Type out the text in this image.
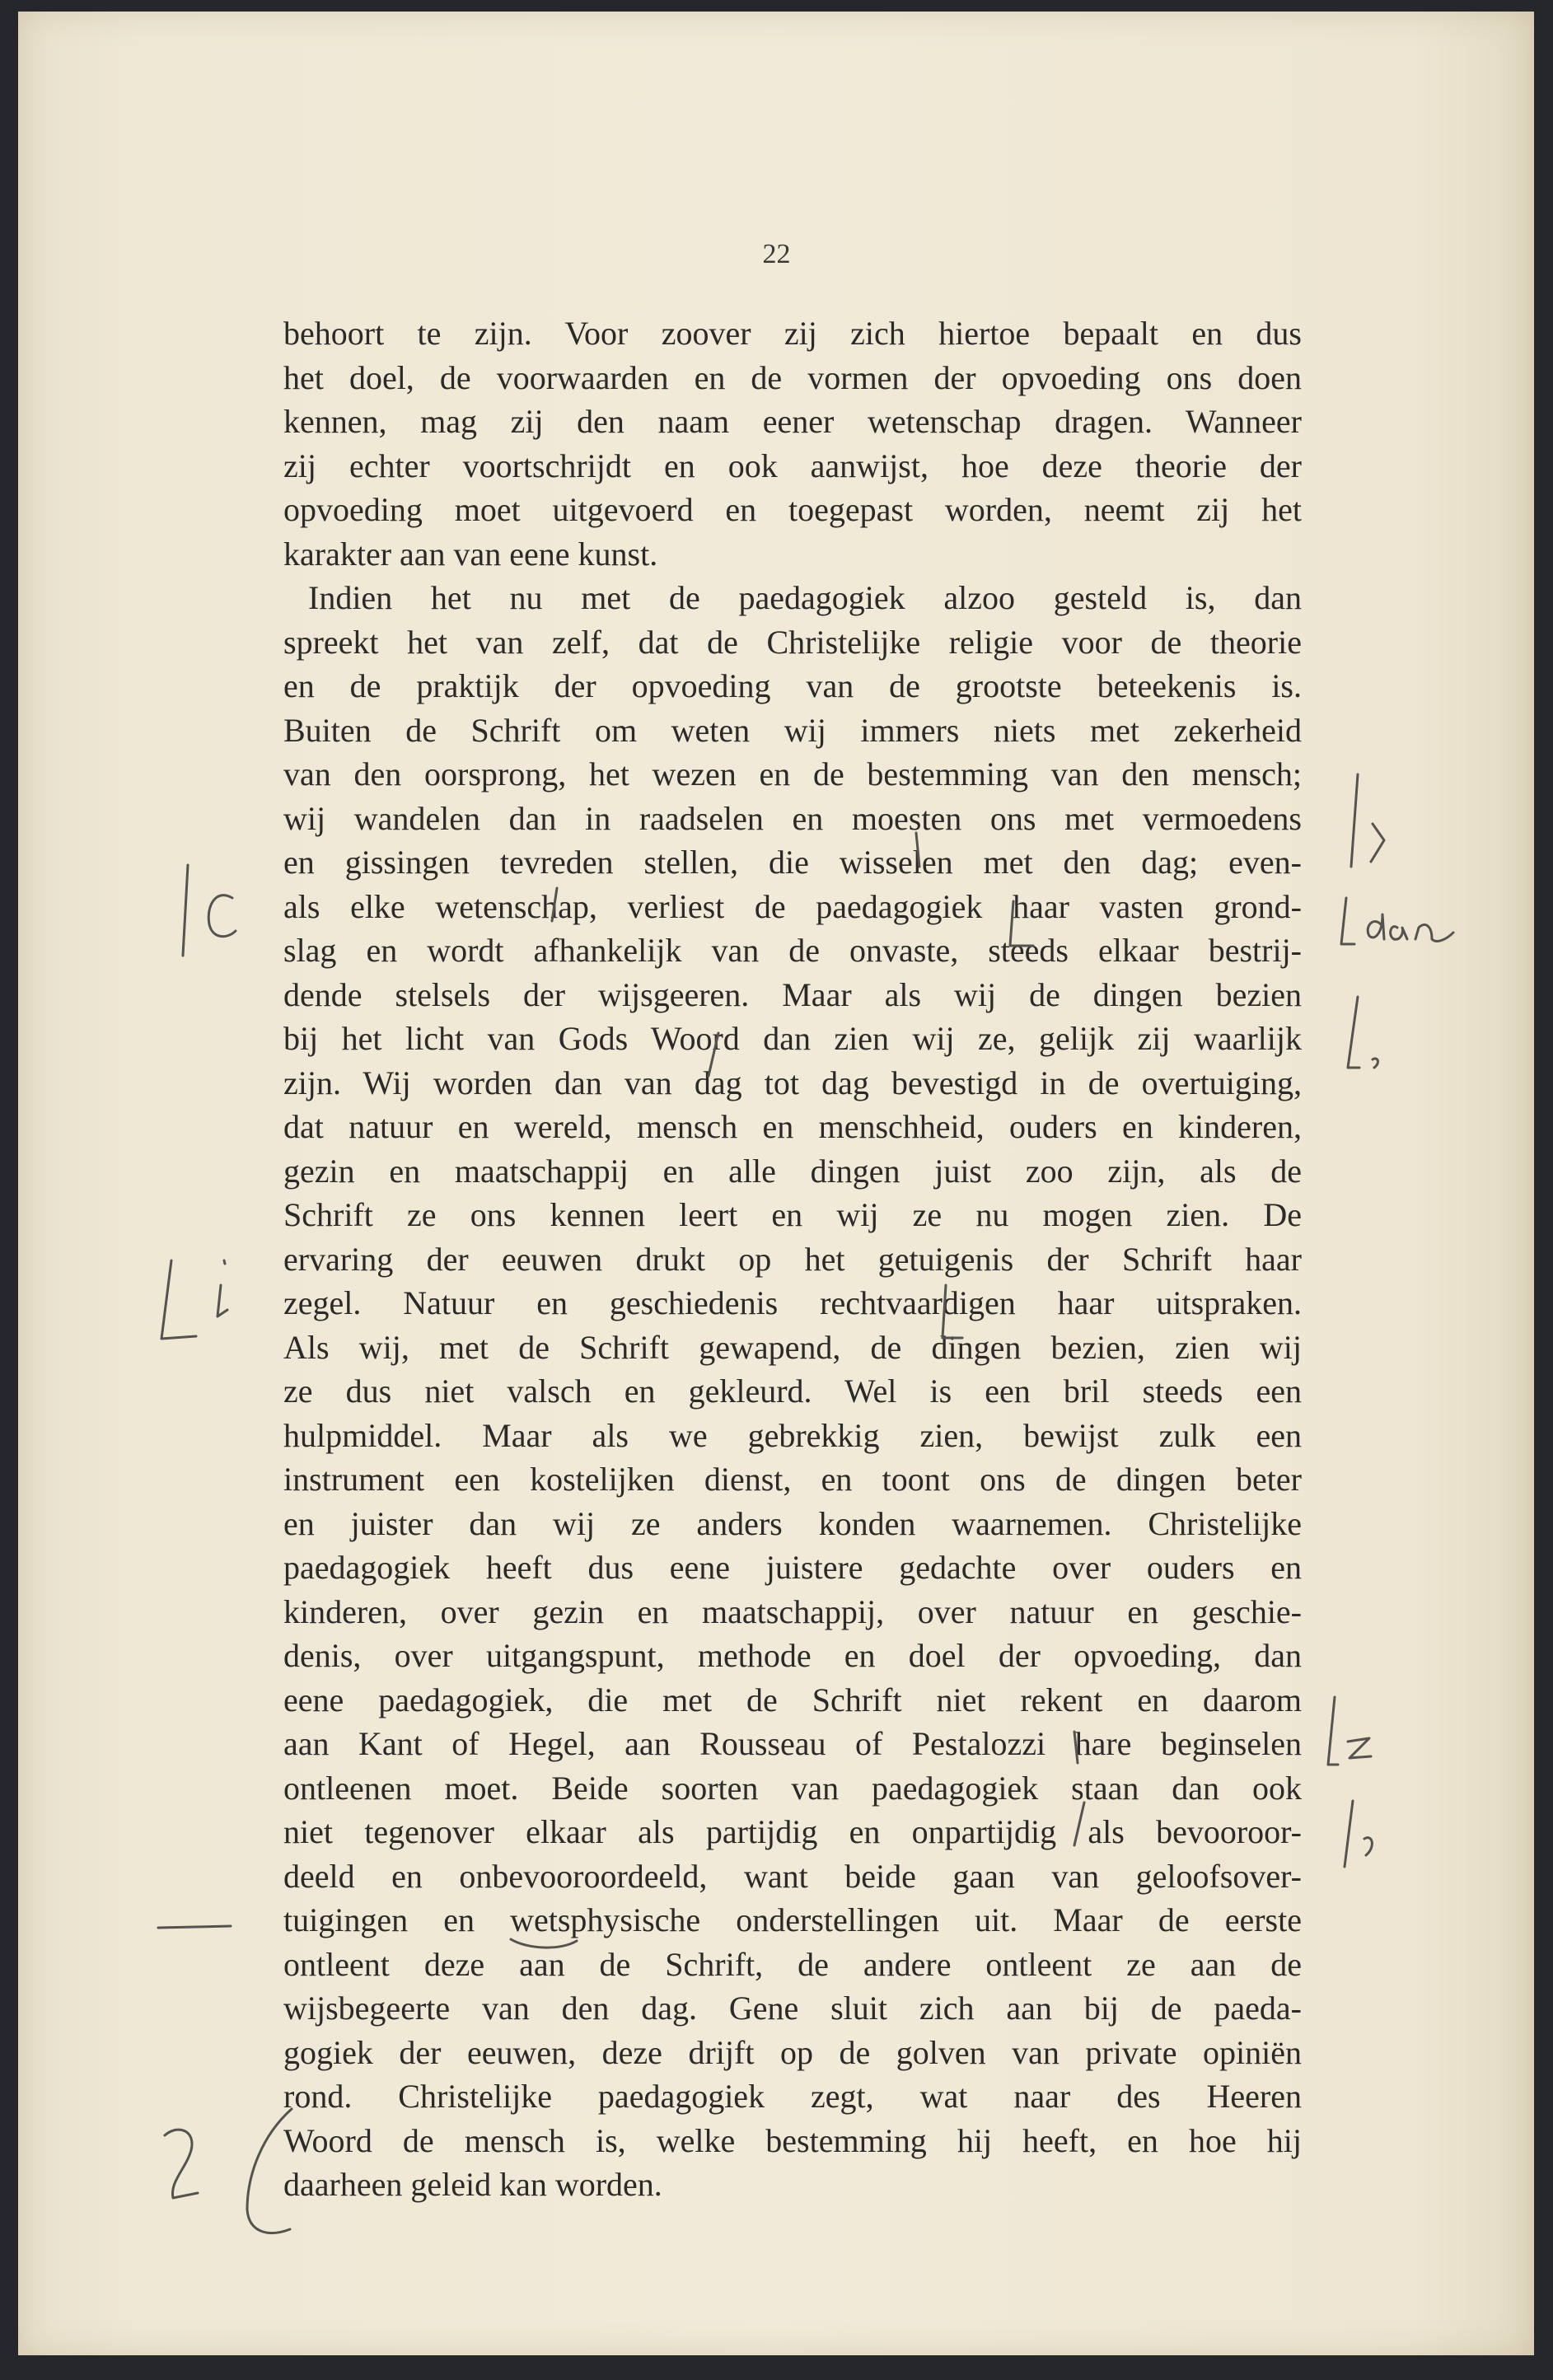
22
behoort te zijn. Voor zoover zij zich hiertoe bepaalt en dus
het doel, de voorwaarden en de vormen der opvoeding ons doen
kennen, mag zij den naam eener wetenschap dragen. Wanneer
zij echter voortschrijdt en ook aanwijst, hoe deze theorie der
opvoeding moet uitgevoerd en toegepast worden, neemt zij het
karakter aan van eene kunst.
Indien het nu met de paedagogiek alzoo gesteld is, dan
spreekt het van zelf, dat de Christelijke religie voor de theorie
en de praktijk der opvoeding van de grootste beteekenis is.
Buiten de Schrift om weten wij immers niets met zekerheid
van den oorsprong, het wezen en de bestemming van den mensch;
wij wandelen dan in raadselen en moesten ons met vermoedens
en gissingen tevreden stellen, die wisselen met den dag; even-
als elke wetenschap, verliest de paedagogiek haar vasten grond-
slag en wordt afhankelijk van de onvaste, steeds elkaar bestrij-
dende stelsels der wijsgeeren. Maar als wij de dingen bezien
bij het licht van Gods Woord dan zien wij ze, gelijk zij waarlijk
zijn. Wij worden dan van dag tot dag bevestigd in de overtuiging,
dat natuur en wereld, mensch en menschheid, ouders en kinderen,
gezin en maatschappij en alle dingen juist zoo zijn, als de
Schrift ze ons kennen leert en wij ze nu mogen zien. De
ervaring der eeuwen drukt op het getuigenis der Schrift haar
zegel. Natuur en geschiedenis rechtvaardigen haar uitspraken.
Als wij, met de Schrift gewapend, de dingen bezien, zien wij
ze dus niet valsch en gekleurd. Wel is een bril steeds een
hulpmiddel. Maar als we gebrekkig zien, bewijst zulk een
instrument een kostelijken dienst, en toont ons de dingen beter
en juister dan wij ze anders konden waarnemen. Christelijke
paedagogiek heeft dus eene juistere gedachte over ouders en
kinderen, over gezin en maatschappij, over natuur en geschie-
denis, over uitgangspunt, methode en doel der opvoeding, dan
eene paedagogiek, die met de Schrift niet rekent en daarom
aan Kant of Hegel, aan Rousseau of Pestalozzi hare beginselen
ontleenen moet. Beide soorten van paedagogiek staan dan ook
niet tegenover elkaar als partijdig en onpartijdig als bevooroor-
deeld en onbevooroordeeld, want beide gaan van geloofsover-
tuigingen en wetsphysische onderstellingen uit. Maar de eerste
ontleent deze aan de Schrift, de andere ontleent ze aan de
wijsbegeerte van den dag. Gene sluit zich aan bij de paeda-
gogiek der eeuwen, deze drijft op de golven van private opiniën
rond. Christelijke paedagogiek zegt, wat naar des Heeren
Woord de mensch is, welke bestemming hij heeft, en hoe hij
daarheen geleid kan worden.
